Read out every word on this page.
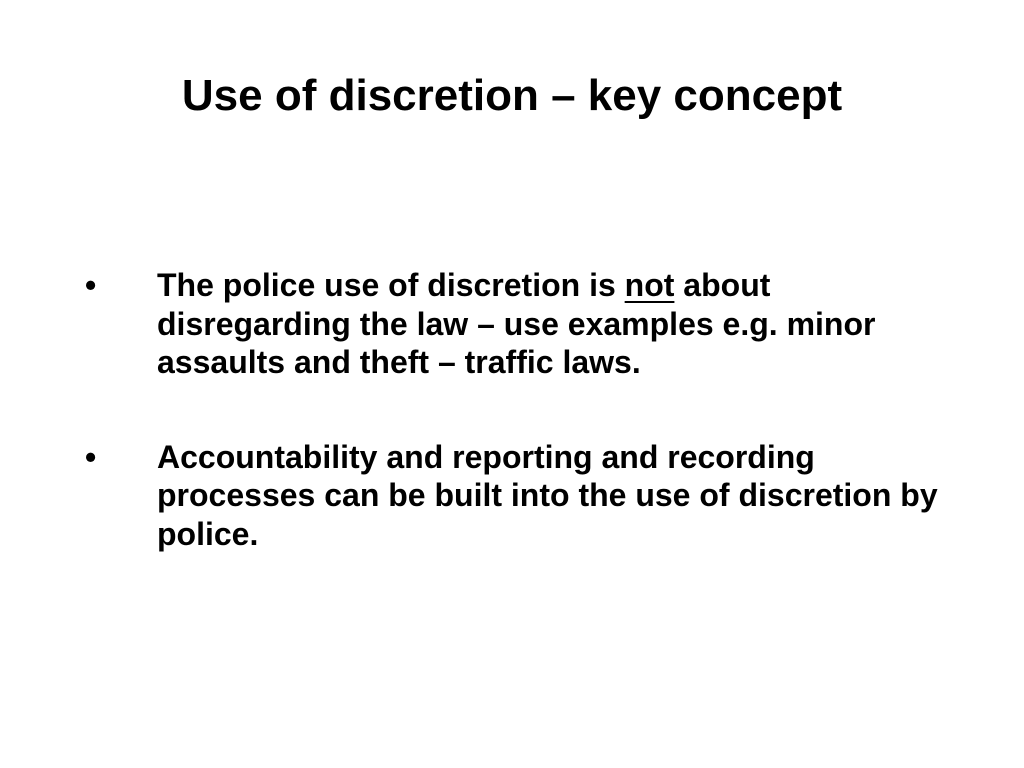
Use of discretion – key concept
•	The police use of discretion is not about disregarding the law – use examples e.g. minor assaults and theft – traffic laws.
•	Accountability and reporting and recording processes can be built into the use of discretion by police.
